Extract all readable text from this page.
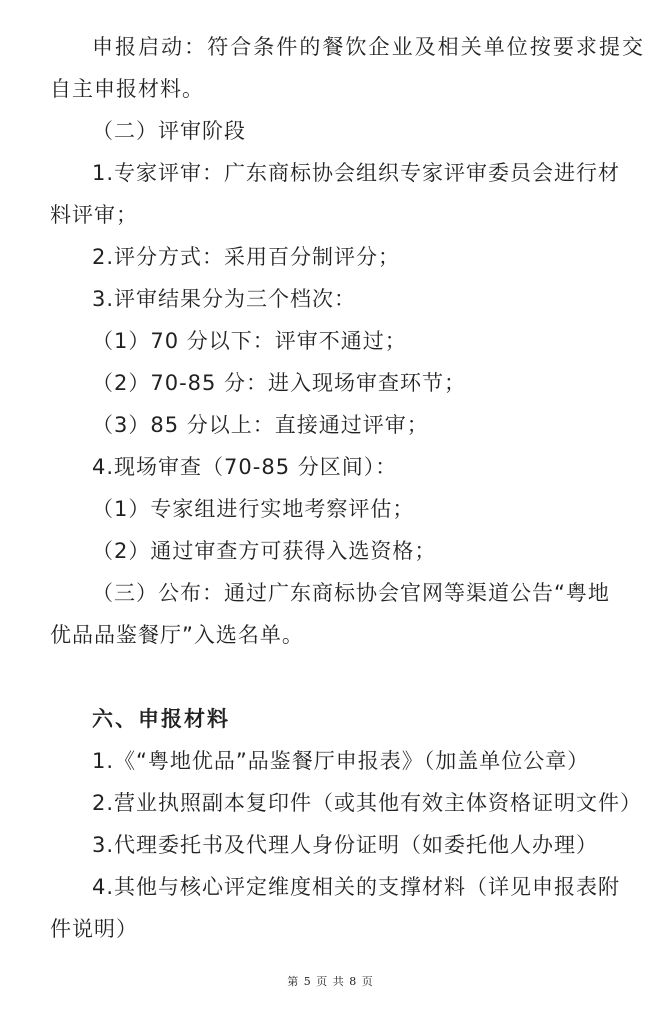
申报启动：符合条件的餐饮企业及相关单位按要求提交
自主申报材料。
（二）评审阶段
1.专家评审：广东商标协会组织专家评审委员会进行材
料评审；
2.评分方式：采用百分制评分；
3.评审结果分为三个档次：
（1）70 分以下：评审不通过；
（2）70-85 分：进入现场审查环节；
（3）85 分以上：直接通过评审；
4.现场审查（70-85 分区间）：
（1）专家组进行实地考察评估；
（2）通过审查方可获得入选资格；
（三）公布：通过广东商标协会官网等渠道公告“粤地
优品品鉴餐厅”入选名单。
六、申报材料
1.《“粤地优品”品鉴餐厅申报表》（加盖单位公章）
2.营业执照副本复印件（或其他有效主体资格证明文件）
3.代理委托书及代理人身份证明（如委托他人办理）
4.其他与核心评定维度相关的支撑材料（详见申报表附
件说明）
第 5 页 共 8 页
